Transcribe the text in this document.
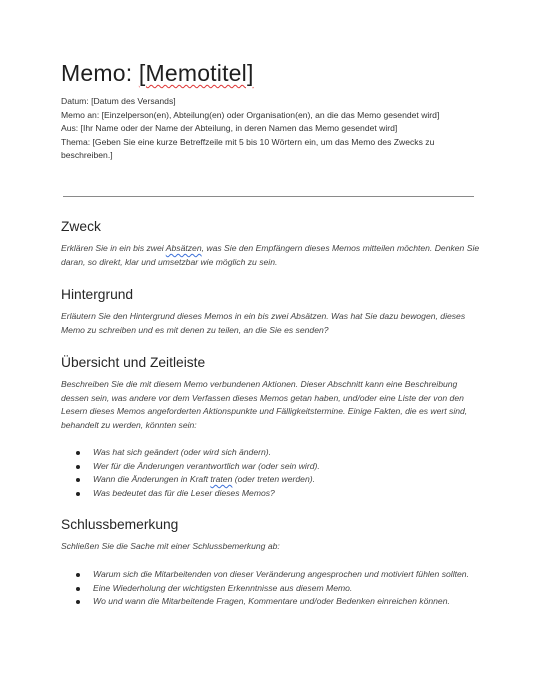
Memo: [Memotitel]

Datum: [Datum des Versands]

Memo an: [Einzelperson(en), Abteilung(en) oder Organisation(en), an die das Memo gesendet wird]

Aus: [Ihr Name oder der Name der Abteilung, in deren Namen das Memo gesendet wird]

Thema: [Geben Sie eine kurze Betreffzeile mit 5 bis 10 Wörtern ein, um das Memo des Zwecks zu beschreiben.]

Zweck

Erklären Sie in ein bis zwei Absätzen, was Sie den Empfängern dieses Memos mitteilen möchten. Denken Sie daran, so direkt, klar und umsetzbar wie möglich zu sein.

Hintergrund

Erläutern Sie den Hintergrund dieses Memos in ein bis zwei Absätzen. Was hat Sie dazu bewogen, dieses Memo zu schreiben und es mit denen zu teilen, an die Sie es senden?

Übersicht und Zeitleiste

Beschreiben Sie die mit diesem Memo verbundenen Aktionen. Dieser Abschnitt kann eine Beschreibung dessen sein, was andere vor dem Verfassen dieses Memos getan haben, und/oder eine Liste der von den Lesern dieses Memos angeforderten Aktionspunkte und Fälligkeitstermine. Einige Fakten, die es wert sind, behandelt zu werden, könnten sein:

Was hat sich geändert (oder wird sich ändern).
Wer für die Änderungen verantwortlich war (oder sein wird).
Wann die Änderungen in Kraft traten (oder treten werden).
Was bedeutet das für die Leser dieses Memos?
Schlussbemerkung

Schließen Sie die Sache mit einer Schlussbemerkung ab:

Warum sich die Mitarbeitenden von dieser Veränderung angesprochen und motiviert fühlen sollten.
Eine Wiederholung der wichtigsten Erkenntnisse aus diesem Memo.
Wo und wann die Mitarbeitende Fragen, Kommentare und/oder Bedenken einreichen können.
